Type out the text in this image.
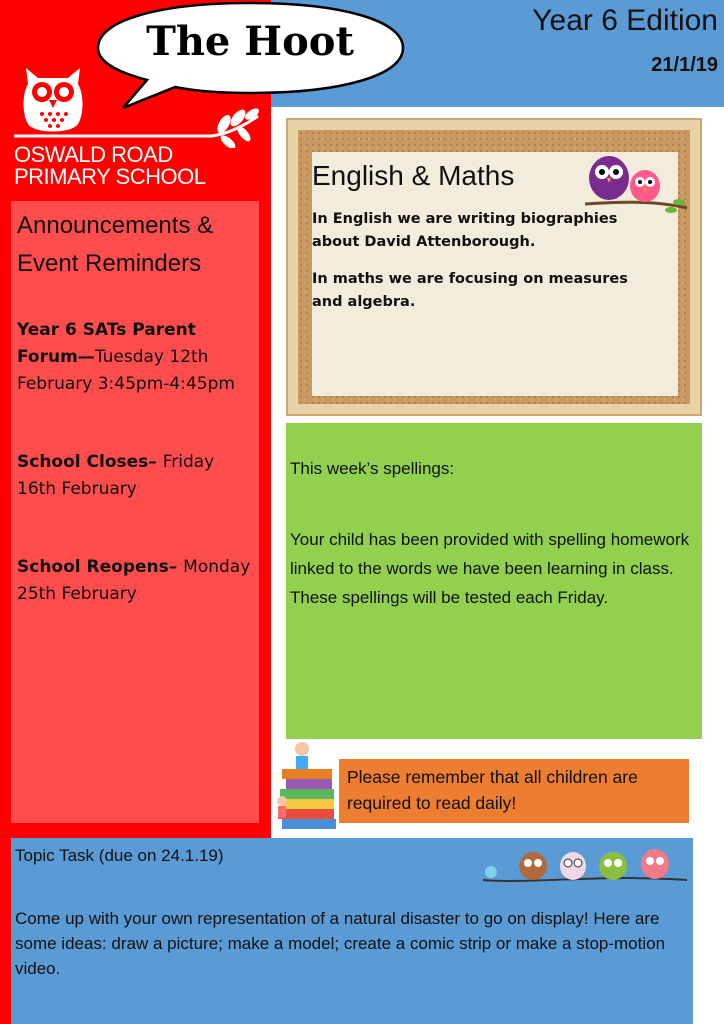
Year 6 Edition
21/1/19
The Hoot
OSWALD ROAD
PRIMARY SCHOOL
Announcements & Event Reminders
Year 6 SATs Parent Forum—Tuesday 12th February 3:45pm-4:45pm
School Closes– Friday 16th February
School Reopens– Monday 25th February
English & Maths

In English we are writing biographies about David Attenborough.

In maths we are focusing on measures and algebra.

This week’s spellings:

Your child has been provided with spelling homework linked to the words we have been learning in class. These spellings will be tested each Friday.

Please remember that all children are required to read daily!

Topic Task (due on 24.1.19)

Come up with your own representation of a natural disaster to go on display! Here are some ideas: draw a picture; make a model; create a comic strip or make a stop-motion video.
